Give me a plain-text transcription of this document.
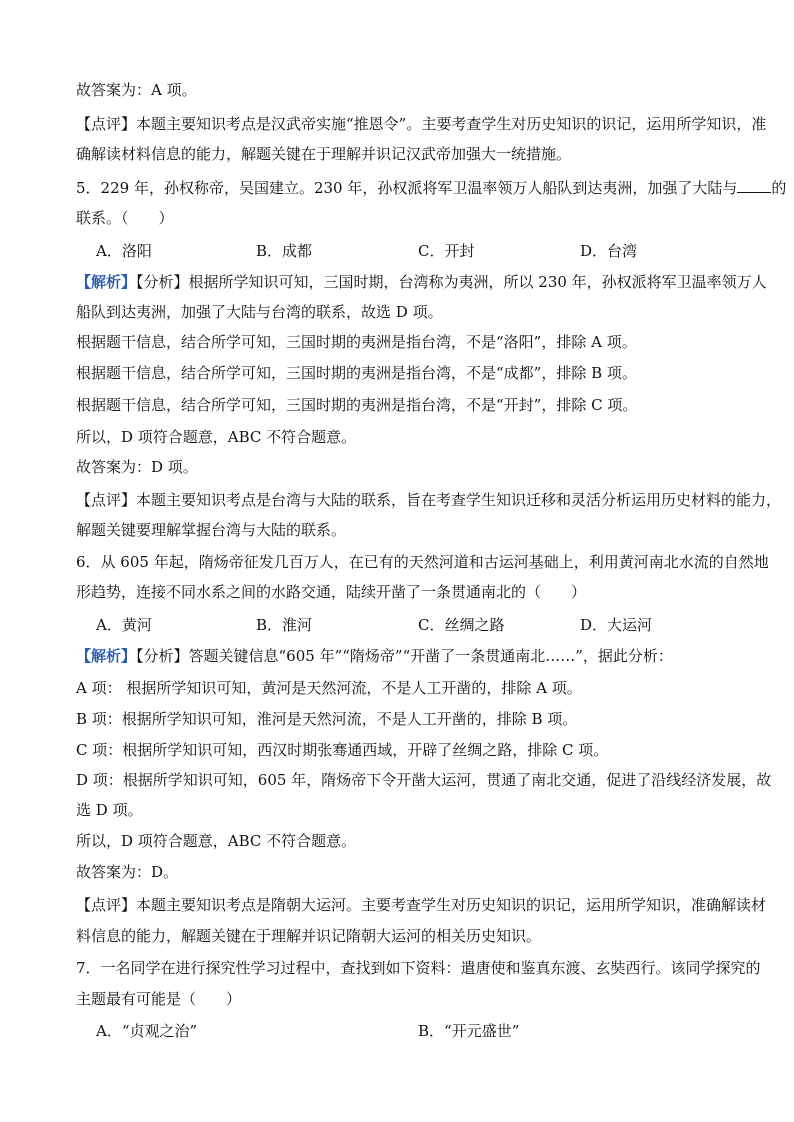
故答案为：A 项。
【点评】本题主要知识考点是汉武帝实施“推恩令”。主要考查学生对历史知识的识记，运用所学知识，准
确解读材料信息的能力，解题关键在于理解并识记汉武帝加强大一统措施。
5．229 年，孙权称帝，吴国建立。230 年，孙权派将军卫温率领万人船队到达夷洲，加强了大陆与 的
联系。（　　）
A．洛阳	B．成都	C．开封	D．台湾
【解析】【分析】根据所学知识可知，三国时期，台湾称为夷洲，所以 230 年，孙权派将军卫温率领万人
船队到达夷洲，加强了大陆与台湾的联系，故选 D 项。
根据题干信息，结合所学可知，三国时期的夷洲是指台湾，不是“洛阳”，排除 A 项。
根据题干信息，结合所学可知，三国时期的夷洲是指台湾，不是“成都”，排除 B 项。
根据题干信息，结合所学可知，三国时期的夷洲是指台湾，不是“开封”，排除 C 项。
所以，D 项符合题意，ABC 不符合题意。
故答案为：D 项。
【点评】本题主要知识考点是台湾与大陆的联系，旨在考查学生知识迁移和灵活分析运用历史材料的能力，
解题关键要理解掌握台湾与大陆的联系。
6．从 605 年起，隋炀帝征发几百万人，在已有的天然河道和古运河基础上，利用黄河南北水流的自然地
形趋势，连接不同水系之间的水路交通，陆续开凿了一条贯通南北的（　　）
A．黄河	B．淮河	C．丝绸之路	D．大运河
【解析】【分析】答题关键信息“605 年”“隋炀帝”“开凿了一条贯通南北……”，据此分析：
A 项： 根据所学知识可知，黄河是天然河流，不是人工开凿的，排除 A 项。
B 项：根据所学知识可知，淮河是天然河流，不是人工开凿的，排除 B 项。
C 项：根据所学知识可知，西汉时期张骞通西域，开辟了丝绸之路，排除 C 项。
D 项：根据所学知识可知，605 年，隋炀帝下令开凿大运河，贯通了南北交通，促进了沿线经济发展，故
选 D 项。
所以，D 项符合题意，ABC 不符合题意。
故答案为：D。
【点评】本题主要知识考点是隋朝大运河。主要考查学生对历史知识的识记，运用所学知识，准确解读材
料信息的能力，解题关键在于理解并识记隋朝大运河的相关历史知识。
7．一名同学在进行探究性学习过程中，查找到如下资料：遣唐使和鉴真东渡、玄奘西行。该同学探究的
主题最有可能是（　　）
A．“贞观之治”	B．“开元盛世”
